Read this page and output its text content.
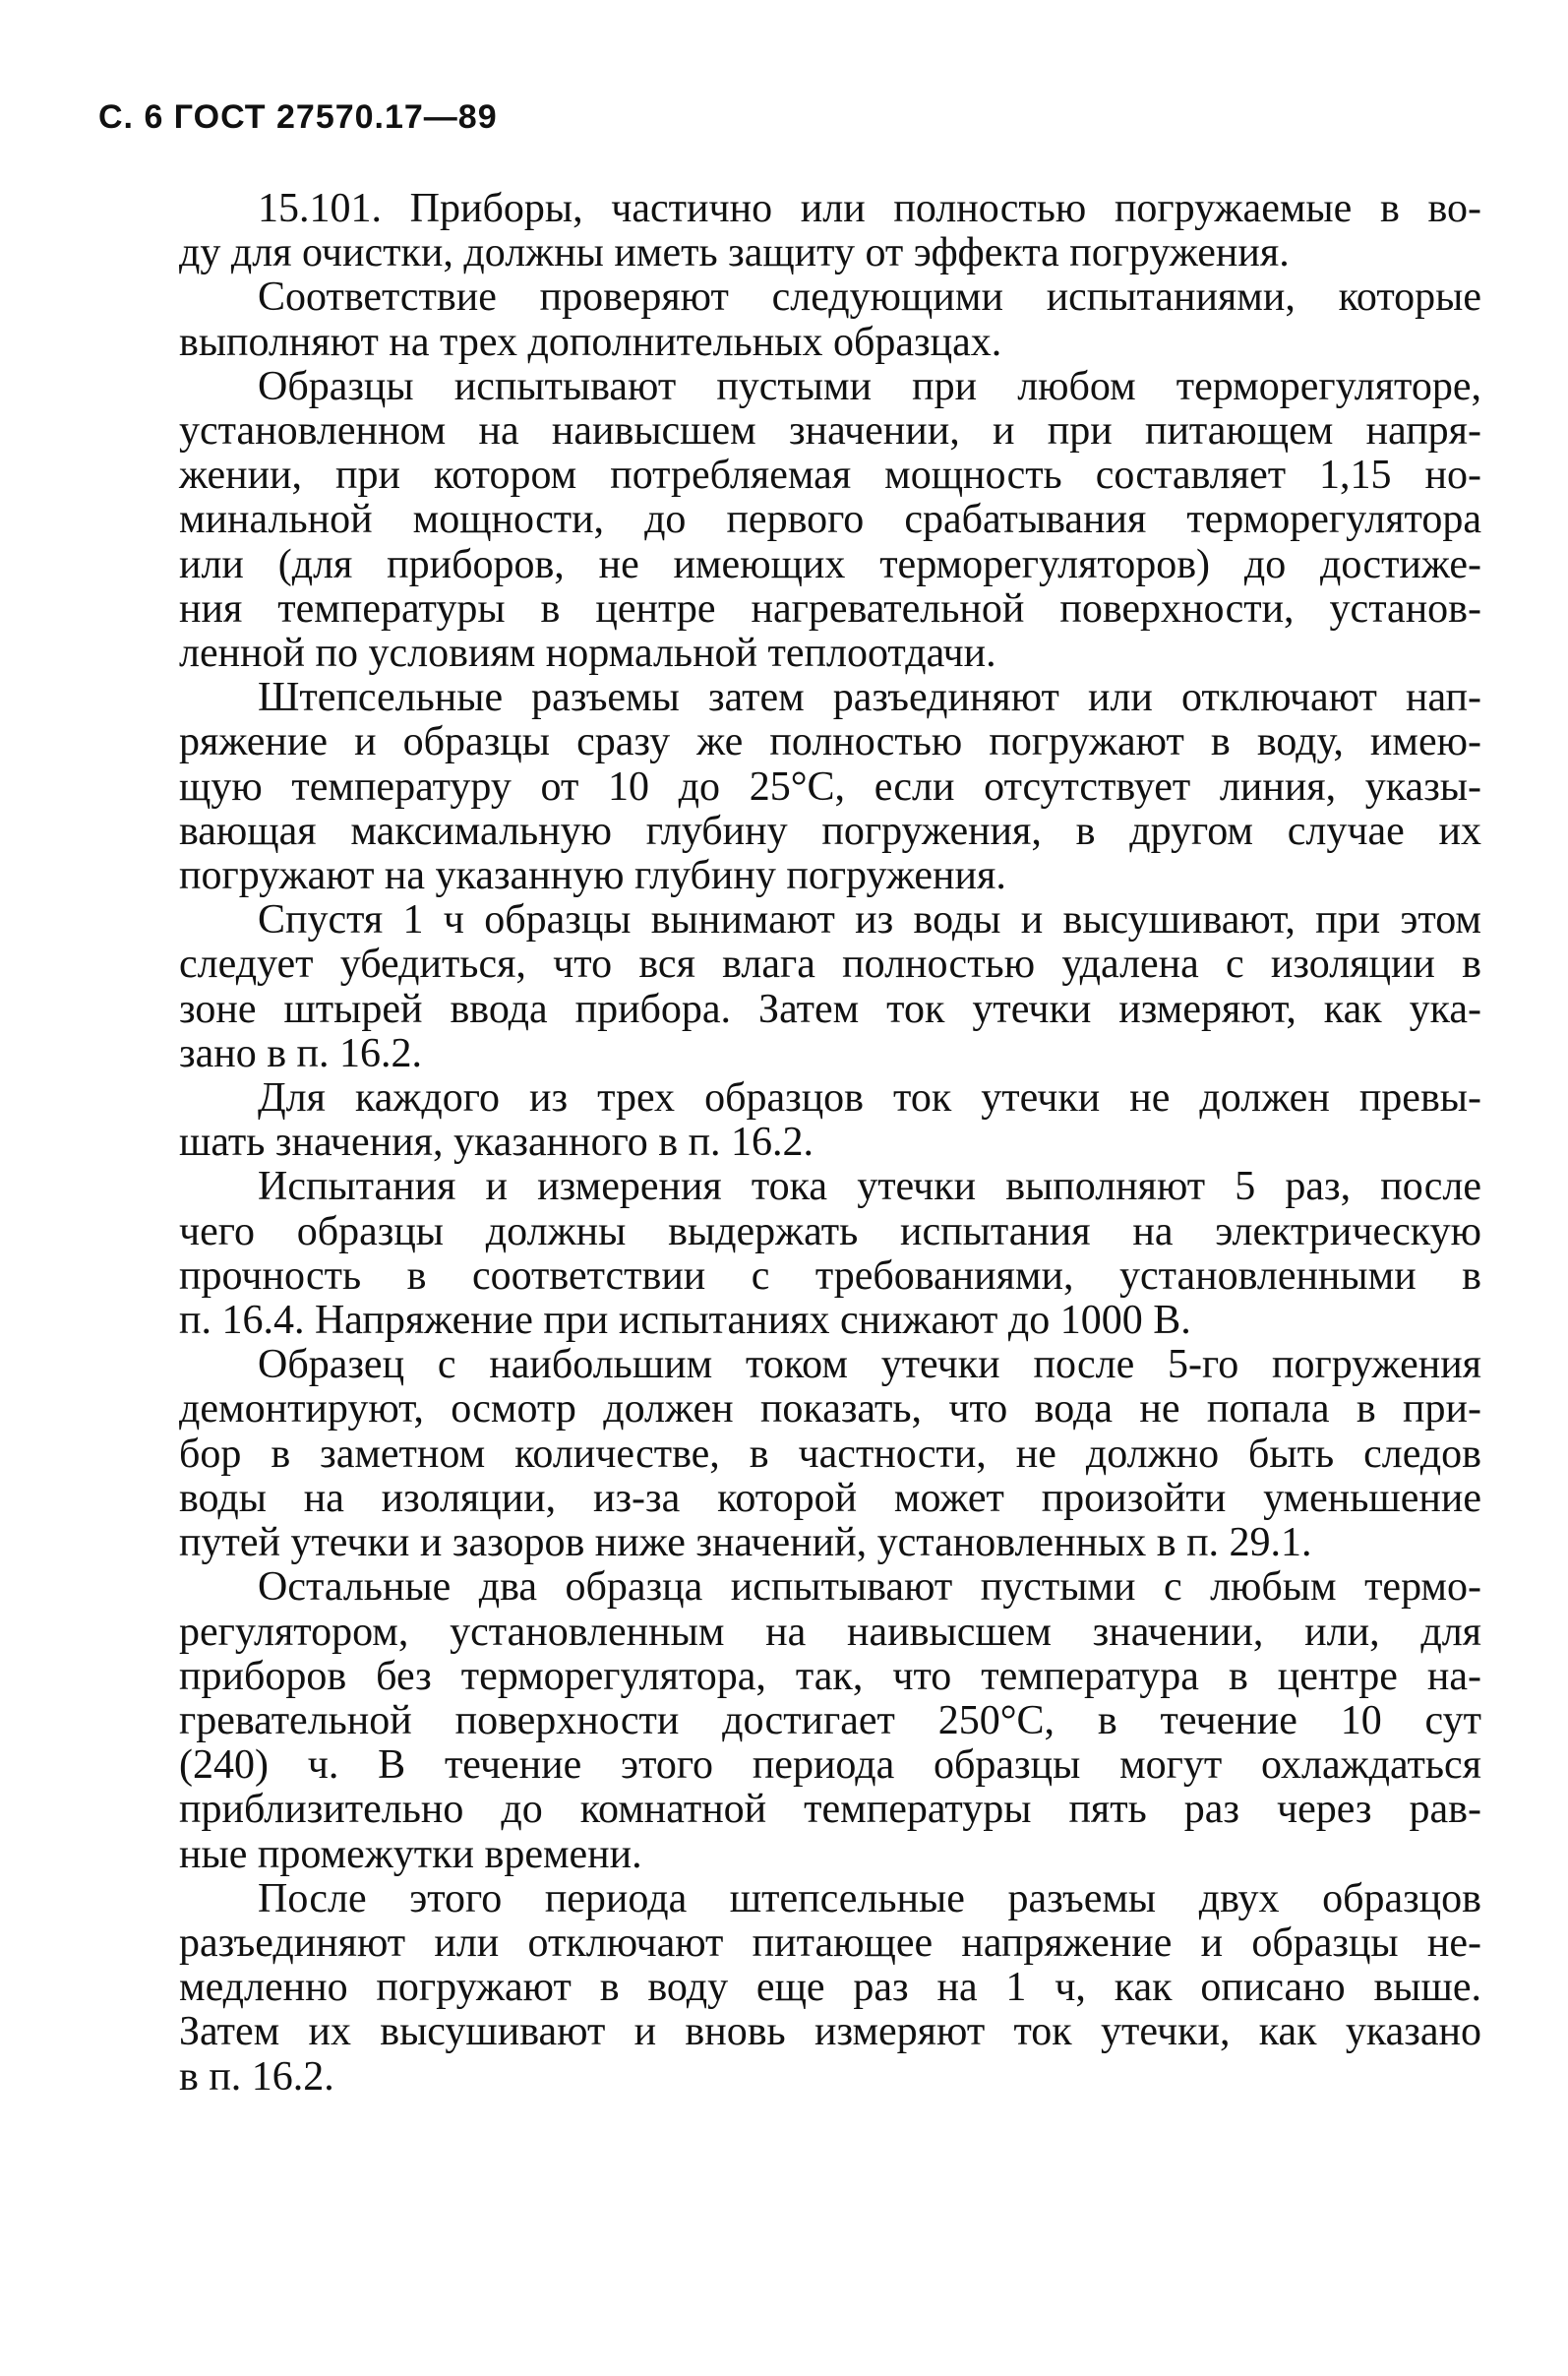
С. 6 ГОСТ 27570.17—89
15.101. Приборы, частично или полностью погружаемые в во-
ду для очистки, должны иметь защиту от эффекта погружения.
Соответствие проверяют следующими испытаниями, которые
выполняют на трех дополнительных образцах.
Образцы испытывают пустыми при любом терморегуляторе,
установленном на наивысшем значении, и при питающем напря-
жении, при котором потребляемая мощность составляет 1,15 но-
минальной мощности, до первого срабатывания терморегулятора
или (для приборов, не имеющих терморегуляторов) до достиже-
ния температуры в центре нагревательной поверхности, установ-
ленной по условиям нормальной теплоотдачи.
Штепсельные разъемы затем разъединяют или отключают нап-
ряжение и образцы сразу же полностью погружают в воду, имею-
щую температуру от 10 до 25°С, если отсутствует линия, указы-
вающая максимальную глубину погружения, в другом случае их
погружают на указанную глубину погружения.
Спустя 1 ч образцы вынимают из воды и высушивают, при этом
следует убедиться, что вся влага полностью удалена с изоляции в
зоне штырей ввода прибора. Затем ток утечки измеряют, как ука-
зано в п. 16.2.
Для каждого из трех образцов ток утечки не должен превы-
шать значения, указанного в п. 16.2.
Испытания и измерения тока утечки выполняют 5 раз, после
чего образцы должны выдержать испытания на электрическую
прочность в соответствии с требованиями, установленными в
п. 16.4. Напряжение при испытаниях снижают до 1000 В.
Образец с наибольшим током утечки после 5-го погружения
демонтируют, осмотр должен показать, что вода не попала в при-
бор в заметном количестве, в частности, не должно быть следов
воды на изоляции, из-за которой может произойти уменьшение
путей утечки и зазоров ниже значений, установленных в п. 29.1.
Остальные два образца испытывают пустыми с любым термо-
регулятором, установленным на наивысшем значении, или, для
приборов без терморегулятора, так, что температура в центре на-
гревательной поверхности достигает 250°С, в течение 10 сут
(240) ч. В течение этого периода образцы могут охлаждаться
приблизительно до комнатной температуры пять раз через рав-
ные промежутки времени.
После этого периода штепсельные разъемы двух образцов
разъединяют или отключают питающее напряжение и образцы не-
медленно погружают в воду еще раз на 1 ч, как описано выше.
Затем их высушивают и вновь измеряют ток утечки, как указано
в п. 16.2.
